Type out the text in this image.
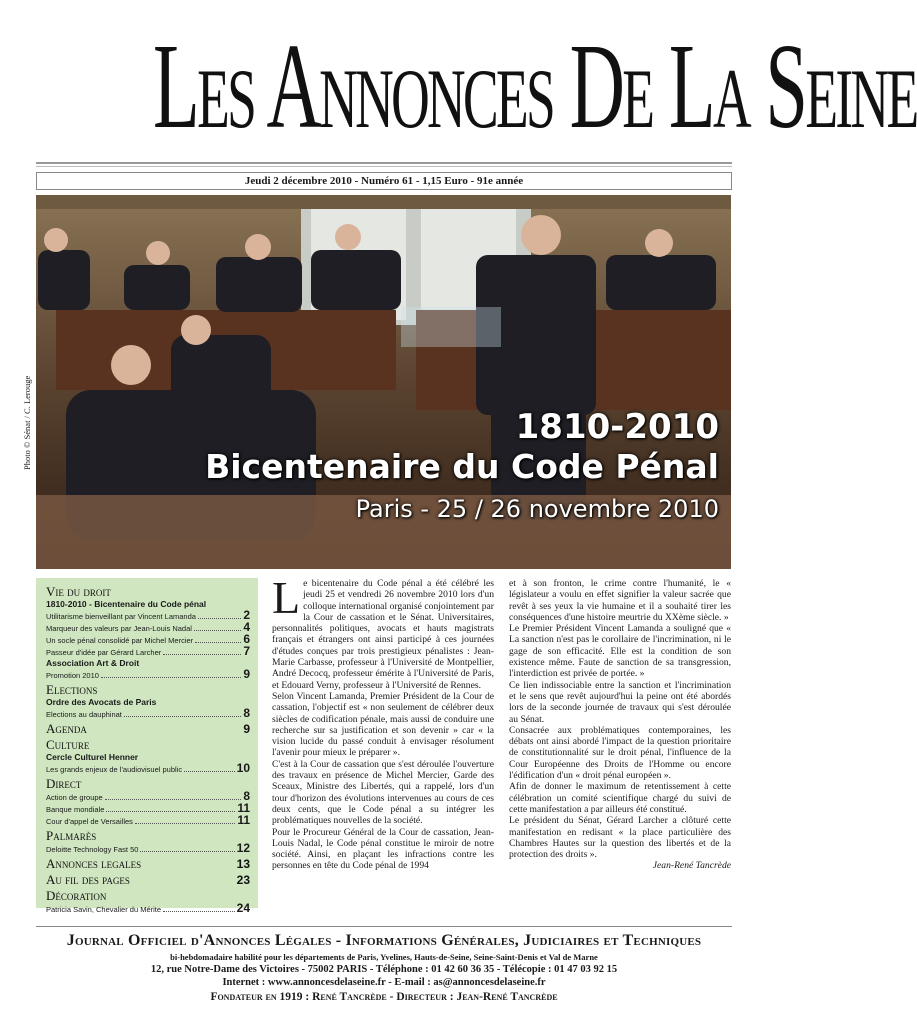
Les Annonces De La Seine
Jeudi 2 décembre 2010 - Numéro 61 - 1,15 Euro - 91e année
Photo © Sénat / C. Lerouge	1810-2010
Bicentenaire du Code Pénal
Paris - 25 / 26 novembre 2010
Vie du droit
1810-2010 - Bicentenaire du Code pénal
Utilitarisme bienveillant par Vincent Lamanda	2
Marqueur des valeurs par Jean-Louis Nadal	4
Un socle pénal consolidé par Michel Mercier	6
Passeur d'idée par Gérard Larcher	7
Association Art & Droit
Promotion 2010	9
Elections
Ordre des Avocats de Paris
Elections au dauphinat	8
Agenda	9
Culture
Cercle Culturel Henner
Les grands enjeux de l'audiovisuel public	10
Direct
Action de groupe	8
Banque mondiale	11
Cour d'appel de Versailles	11
Palmarès
Deloitte Technology Fast 50	12
Annonces legales	13
Au fil des pages	23
Décoration
Patricia Savin, Chevalier du Mérite	24
L e bicentenaire du Code pénal a été célébré les jeudi 25 et vendredi 26 novembre 2010 lors d'un colloque international organisé conjointement par la Cour de cassation et le Sénat. Universitaires, personnalités politiques, avocats et hauts magistrats français et étrangers ont ainsi participé à ces journées d'études conçues par trois prestigieux pénalistes : Jean-Marie Carbasse, professeur à l'Université de Montpellier, André Decocq, professeur émérite à l'Université de Paris, et Edouard Verny, professeur à l'Université de Rennes.

Selon Vincent Lamanda, Premier Président de la Cour de cassation, l'objectif est « non seulement de célébrer deux siècles de codification pénale, mais aussi de conduire une recherche sur sa justification et son devenir » car « la vision lucide du passé conduit à envisager résolument l'avenir pour mieux le préparer ».

C'est à la Cour de cassation que s'est déroulée l'ouverture des travaux en présence de Michel Mercier, Garde des Sceaux, Ministre des Libertés, qui a rappelé, lors d'un tour d'horizon des évolutions intervenues au cours de ces deux cents, que le Code pénal a su intégrer les problématiques nouvelles de la société.

Pour le Procureur Général de la Cour de cassation, Jean-Louis Nadal, le Code pénal constitue le miroir de notre société. Ainsi, en plaçant les infractions contre les personnes en tête du Code pénal de 1994

et à son fronton, le crime contre l'humanité, le « législateur a voulu en effet signifier la valeur sacrée que revêt à ses yeux la vie humaine et il a souhaité tirer les conséquences d'une histoire meurtrie du XXème siècle. »

Le Premier Président Vincent Lamanda a souligné que « La sanction n'est pas le corollaire de l'incrimination, ni le gage de son efficacité. Elle est la condition de son existence même. Faute de sanction de sa transgression, l'interdiction est privée de portée. »

Ce lien indissociable entre la sanction et l'incrimination et le sens que revêt aujourd'hui la peine ont été abordés lors de la seconde journée de travaux qui s'est déroulée au Sénat.

Consacrée aux problématiques contemporaines, les débats ont ainsi abordé l'impact de la question prioritaire de constitutionnalité sur le droit pénal, l'influence de la Cour Européenne des Droits de l'Homme ou encore l'édification d'un « droit pénal européen ».

Afin de donner le maximum de retentissement à cette célébration un comité scientifique chargé du suivi de cette manifestation a par ailleurs été constitué.

Le président du Sénat, Gérard Larcher a clôturé cette manifestation en redisant « la place particulière des Chambres Hautes sur la question des libertés et de la protection des droits ».

Jean-René Tancrède

Journal Officiel d'Annonces Légales - Informations Générales, Judiciaires et Techniques
bi-hebdomadaire habilité pour les départements de Paris, Yvelines, Hauts-de-Seine, Seine-Saint-Denis et Val de Marne
12, rue Notre-Dame des Victoires - 75002 PARIS - Téléphone : 01 42 60 36 35 - Télécopie : 01 47 03 92 15
Internet : www.annoncesdelaseine.fr - E-mail : as@annoncesdelaseine.fr
Fondateur en 1919 : René Tancrède - Directeur : Jean-René Tancrède
